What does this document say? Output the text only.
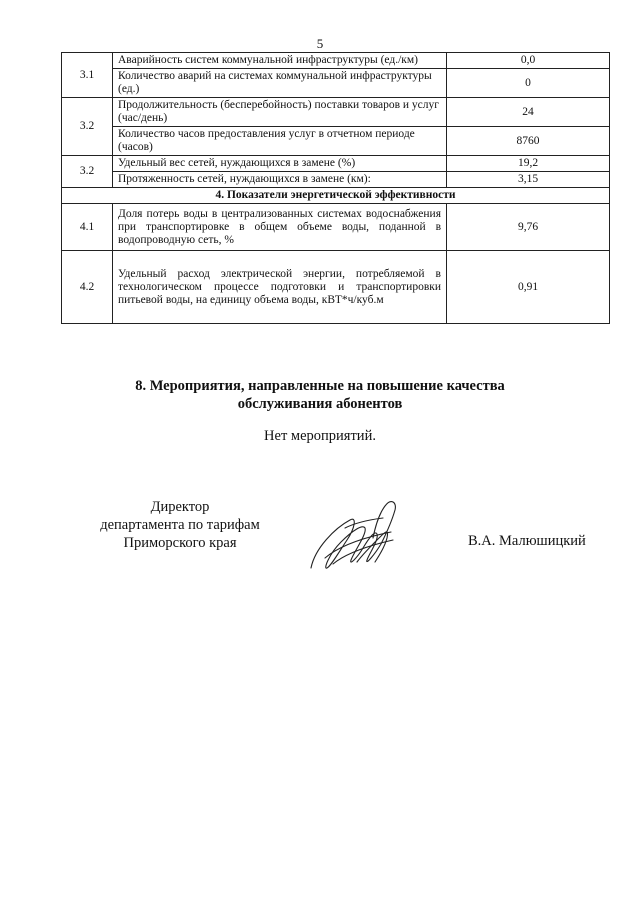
5
3.1	Аварийность систем коммунальной инфраструктуры (ед./км)	0,0
	Количество аварий на системах коммунальной инфраструктуры (ед.)	0
3.2	Продолжительность (бесперебойность) поставки товаров и услуг (час/день)	24
	Количество часов предоставления услуг в отчетном периоде (часов)	8760
3.2	Удельный вес сетей, нуждающихся в замене (%)	19,2
	Протяженность сетей, нуждающихся в замене (км):	3,15
4. Показатели энергетической эффективности		
4.1	Доля потерь воды в централизованных системах водоснабжения при транспортировке в общем объеме воды, поданной в водопроводную сеть, %	9,76
4.2	Удельный расход электрической энергии, потребляемой в технологическом процессе подготовки и транспортировки питьевой воды, на единицу объема воды, кВТ*ч/куб.м	0,91
8. Мероприятия, направленные на повышение качества
обслуживания абонентов
Нет мероприятий.
Директор
департамента по тарифам
Приморского края	В.А. Малюшицкий
